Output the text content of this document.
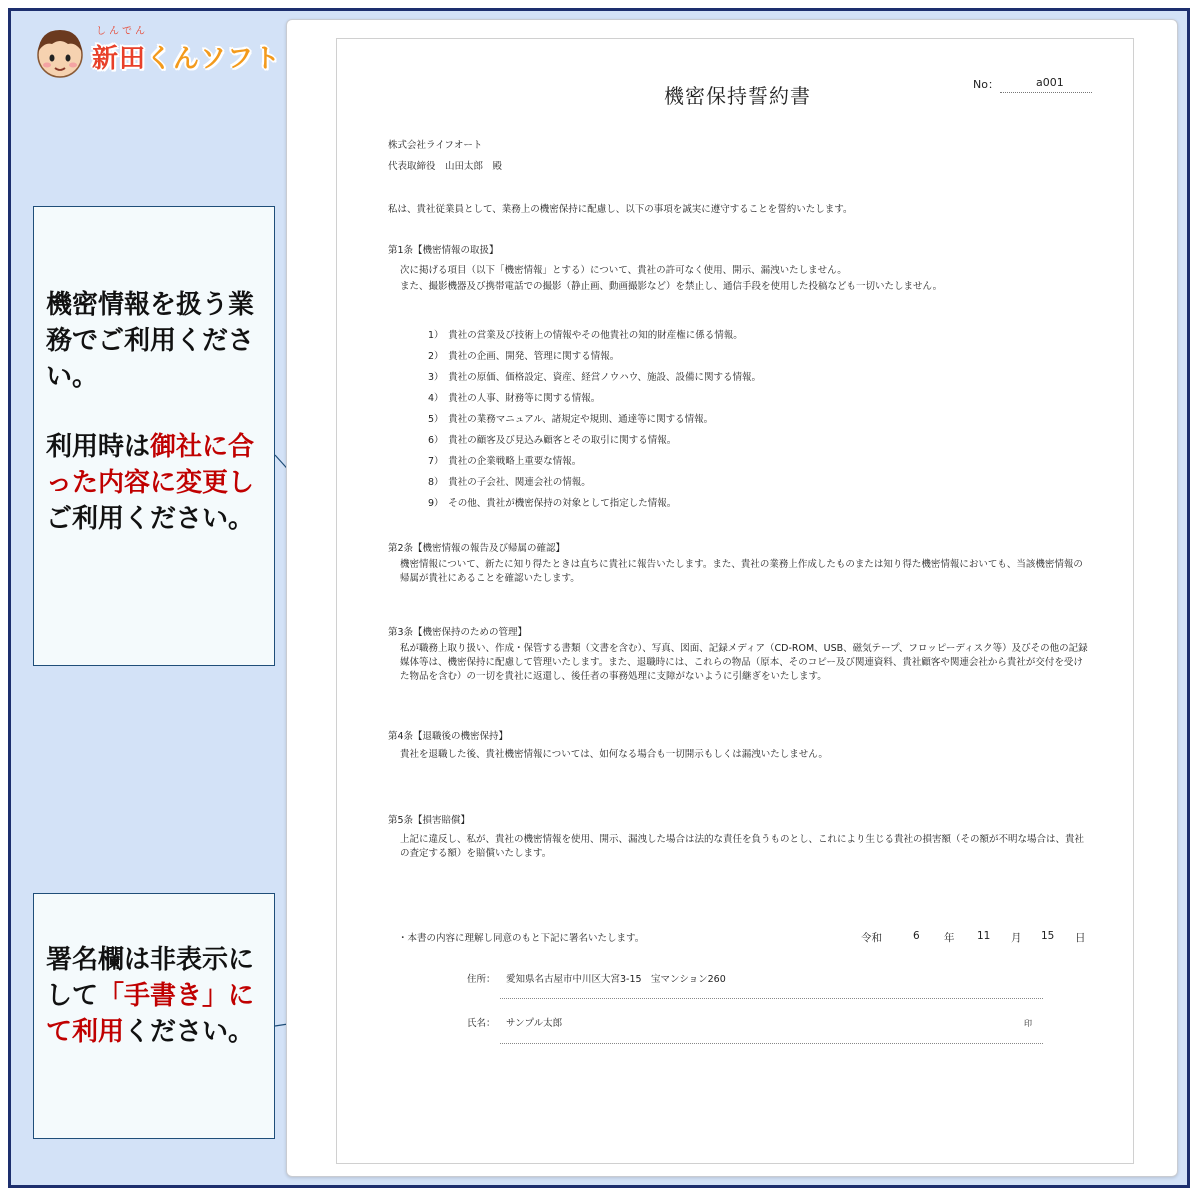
しんでん
新田くんソフト

機密情報を扱う業務でご利用ください。

利用時は御社に合った内容に変更しご利用ください。

署名欄は非表示にして「手書き」にて利用ください。

機密保持誓約書	No：	a001
株式会社ライフオート
代表取締役　山田太郎　殿
私は、貴社従業員として、業務上の機密保持に配慮し、以下の事項を誠実に遵守することを誓約いたします。
第1条【機密情報の取扱】
次に掲げる項目（以下「機密情報」とする）について、貴社の許可なく使用、開示、漏洩いたしません。
また、撮影機器及び携帯電話での撮影（静止画、動画撮影など）を禁止し、通信手段を使用した投稿なども一切いたしません。
1）　貴社の営業及び技術上の情報やその他貴社の知的財産権に係る情報。
2）　貴社の企画、開発、管理に関する情報。
3）　貴社の原価、価格設定、資産、経営ノウハウ、施設、設備に関する情報。
4）　貴社の人事、財務等に関する情報。
5）　貴社の業務マニュアル、諸規定や規則、通達等に関する情報。
6）　貴社の顧客及び見込み顧客とその取引に関する情報。
7）　貴社の企業戦略上重要な情報。
8）　貴社の子会社、関連会社の情報。
9）　その他、貴社が機密保持の対象として指定した情報。
第2条【機密情報の報告及び帰属の確認】
機密情報について、新たに知り得たときは直ちに貴社に報告いたします。また、貴社の業務上作成したものまたは知り得た機密情報においても、当該機密情報の帰属が貴社にあることを確認いたします。
第3条【機密保持のための管理】
私が職務上取り扱い、作成・保管する書類（文書を含む）、写真、図面、記録メディア（CD-ROM、USB、磁気テープ、フロッピーディスク等）及びその他の記録媒体等は、機密保持に配慮して管理いたします。また、退職時には、これらの物品（原本、そのコピー及び関連資料、貴社顧客や関連会社から貴社が交付を受けた物品を含む）の一切を貴社に返還し、後任者の事務処理に支障がないように引継ぎをいたします。
第4条【退職後の機密保持】
貴社を退職した後、貴社機密情報については、如何なる場合も一切開示もしくは漏洩いたしません。
第5条【損害賠償】
上記に違反し、私が、貴社の機密情報を使用、開示、漏洩した場合は法的な責任を負うものとし、これにより生じる貴社の損害額（その額が不明な場合は、貴社の査定する額）を賠償いたします。
・本書の内容に理解し同意のもと下記に署名いたします。	令和	6 年 11 月 15 日
住所： 愛知県名古屋市中川区大宮3-15　宝マンション260
氏名： サンプル太郎	印
